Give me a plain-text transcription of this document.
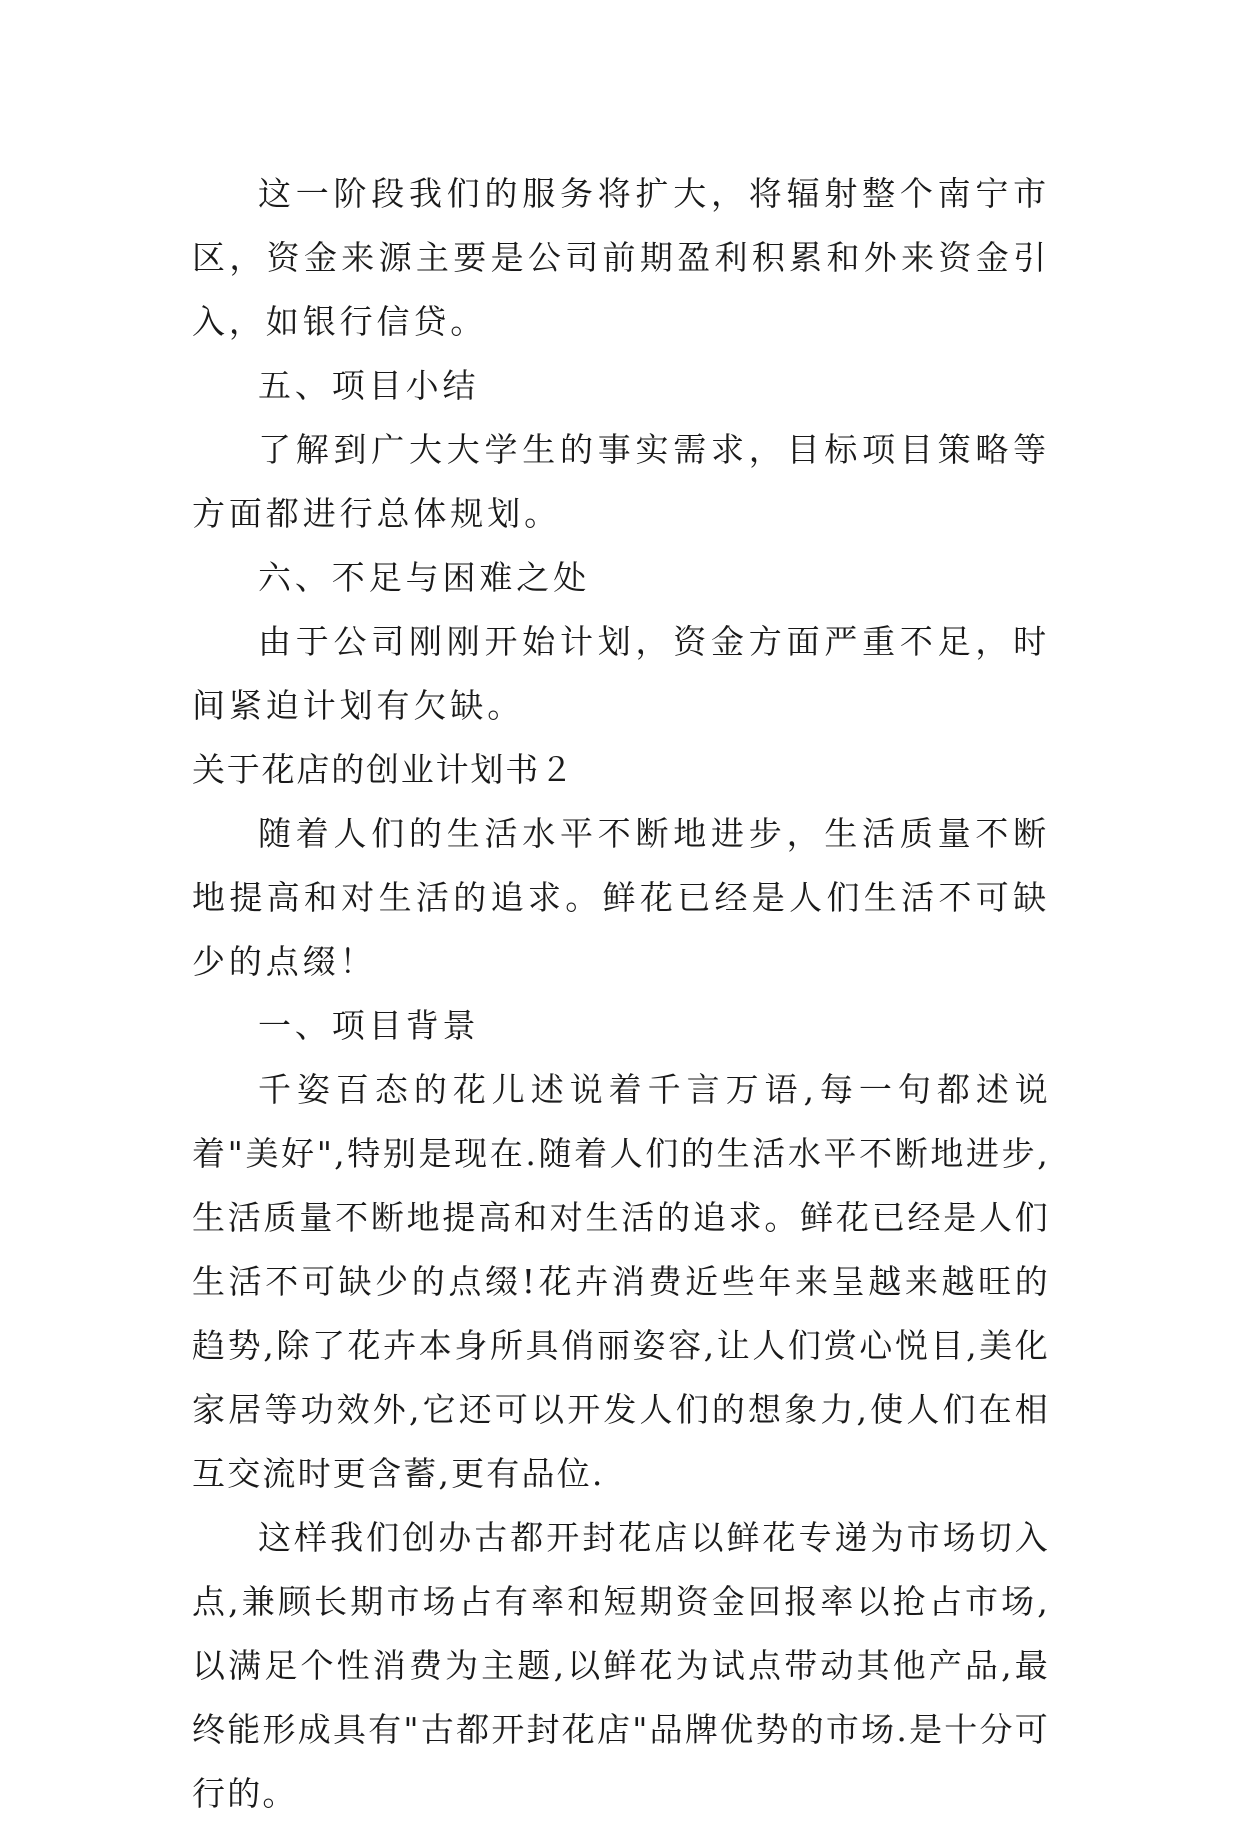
这一阶段我们的服务将扩大，将辐射整个南宁市区，资金来源主要是公司前期盈利积累和外来资金引入，如银行信贷。

五、项目小结

了解到广大大学生的事实需求，目标项目策略等方面都进行总体规划。

六、不足与困难之处

由于公司刚刚开始计划，资金方面严重不足，时间紧迫计划有欠缺。

关于花店的创业计划书２

随着人们的生活水平不断地进步，生活质量不断地提高和对生活的追求。鲜花已经是人们生活不可缺少的点缀！

一、项目背景

千姿百态的花儿述说着千言万语,每一句都述说着"美好",特别是现在.随着人们的生活水平不断地进步,生活质量不断地提高和对生活的追求。鲜花已经是人们生活不可缺少的点缀!花卉消费近些年来呈越来越旺的趋势,除了花卉本身所具俏丽姿容,让人们赏心悦目,美化家居等功效外,它还可以开发人们的想象力,使人们在相互交流时更含蓄,更有品位.

这样我们创办古都开封花店以鲜花专递为市场切入点,兼顾长期市场占有率和短期资金回报率以抢占市场,以满足个性消费为主题,以鲜花为试点带动其他产品,最终能形成具有"古都开封花店"品牌优势的市场.是十分可行的。
